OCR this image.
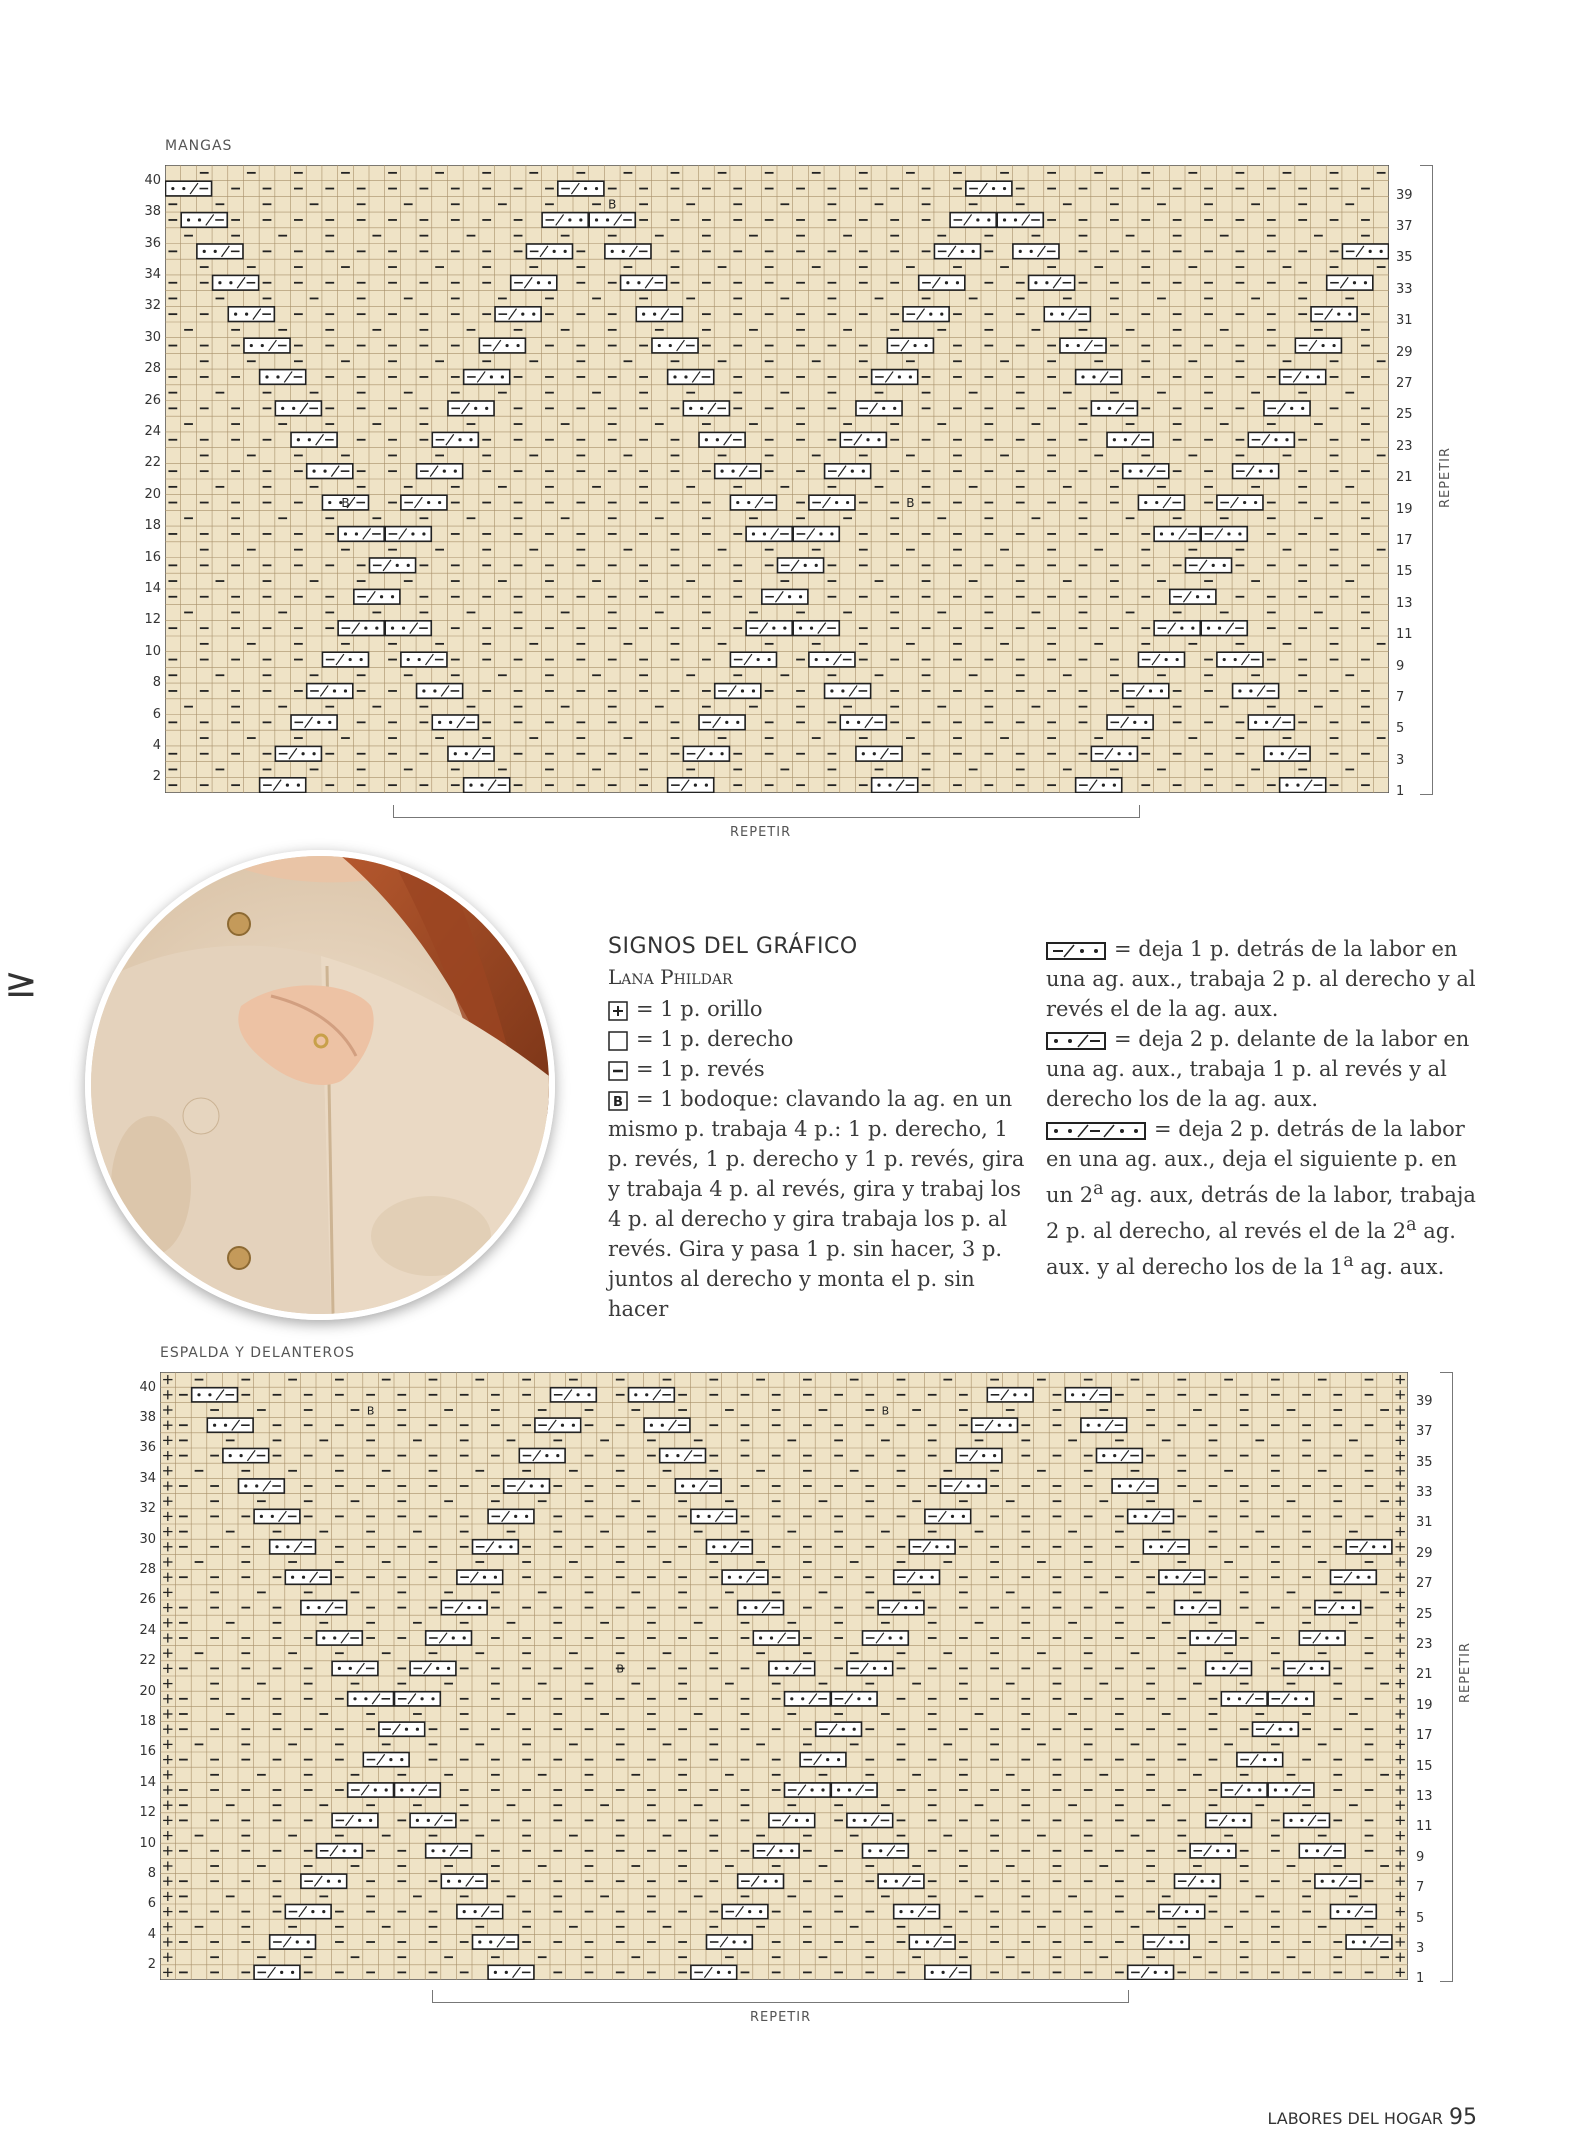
MANGAS
B
B	B
40
38
36
34
32
30
28
26
24
22
20
18
16
14
12
10
8
6
4
2
39
37
35
33
31
29
27
25
23
21
19
17
15
13
11
9
7
5
3
1
REPETIR
REPETIR
SIGNOS DEL GRÁFICO
Lana Phildar
= 1 p. orillo
= 1 p. derecho
= 1 p. revés
B = 1 bodoque: clavando la ag. en un mismo p. trabaja 4 p.: 1 p. derecho, 1 p. revés, 1 p. derecho y 1 p. revés, gira y trabaja 4 p. al revés, gira y trabaj los 4 p. al derecho y gira trabaja los p. al revés. Gira y pasa 1 p. sin hacer, 3 p. juntos al derecho y monta el p. sin hacer
= deja 1 p. detrás de la labor en una ag. aux., trabaja 2 p. al derecho y al revés el de la ag. aux.
= deja 2 p. delante de la labor en una ag. aux., trabaja 1 p. al revés y al derecho los de la ag. aux.
= deja 2 p. detrás de la labor en una ag. aux., deja el siguiente p. en un 2$^a$ ag. aux, detrás de la labor, trabaja 2 p. al derecho, al revés el de la 2$^a$ ag. aux. y al derecho los de la 1$^a$ ag. aux.
ESPALDA Y DELANTEROS
B
B
B
40
38
36
34
32
30
28
26
24
22
20
18
16
14
12
10
8
6
4
2
39
37
35
33
31
29
27
25
23
21
19
17
15
13
11
9
7
5
3
1
REPETIR
REPETIR
≥
LABORES DEL HOGAR 95
